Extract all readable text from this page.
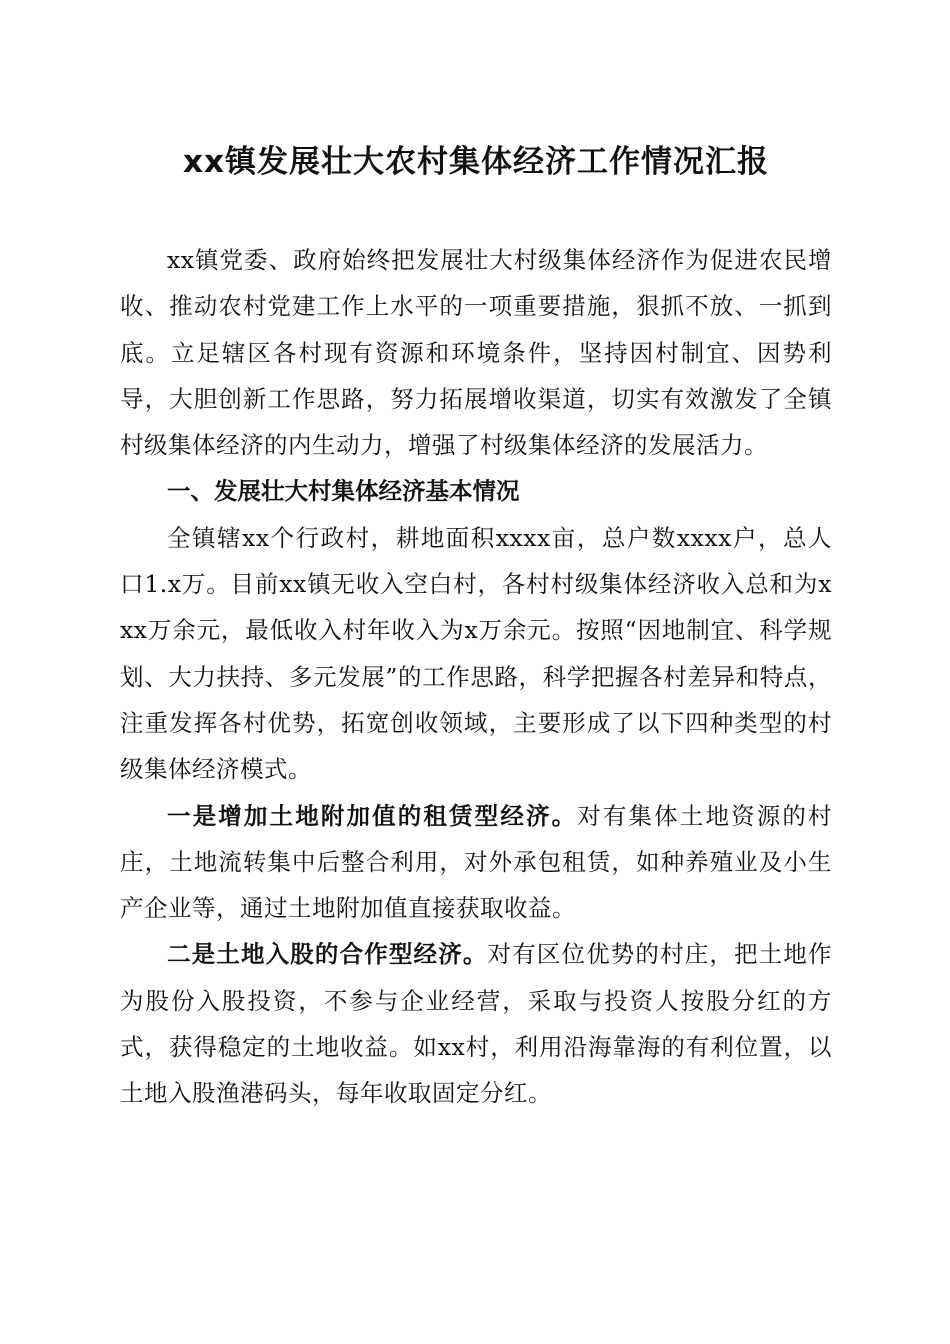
xx镇发展壮大农村集体经济工作情况汇报

xx镇党委、政府始终把发展壮大村级集体经济作为促进农民增收、推动农村党建工作上水平的一项重要措施，狠抓不放、一抓到底。立足辖区各村现有资源和环境条件，坚持因村制宜、因势利导，大胆创新工作思路，努力拓展增收渠道，切实有效激发了全镇村级集体经济的内生动力，增强了村级集体经济的发展活力。

一、发展壮大村集体经济基本情况

全镇辖xx个行政村，耕地面积xxxx亩，总户数xxxx户，总人口1.x万。目前xx镇无收入空白村，各村村级集体经济收入总和为xxx万余元，最低收入村年收入为x万余元。按照“因地制宜、科学规划、大力扶持、多元发展”的工作思路，科学把握各村差异和特点，注重发挥各村优势，拓宽创收领域，主要形成了以下四种类型的村级集体经济模式。

一是增加土地附加值的租赁型经济。对有集体土地资源的村庄，土地流转集中后整合利用，对外承包租赁，如种养殖业及小生产企业等，通过土地附加值直接获取收益。

二是土地入股的合作型经济。对有区位优势的村庄，把土地作为股份入股投资，不参与企业经营，采取与投资人按股分红的方式，获得稳定的土地收益。如xx村，利用沿海靠海的有利位置，以土地入股渔港码头，每年收取固定分红。
